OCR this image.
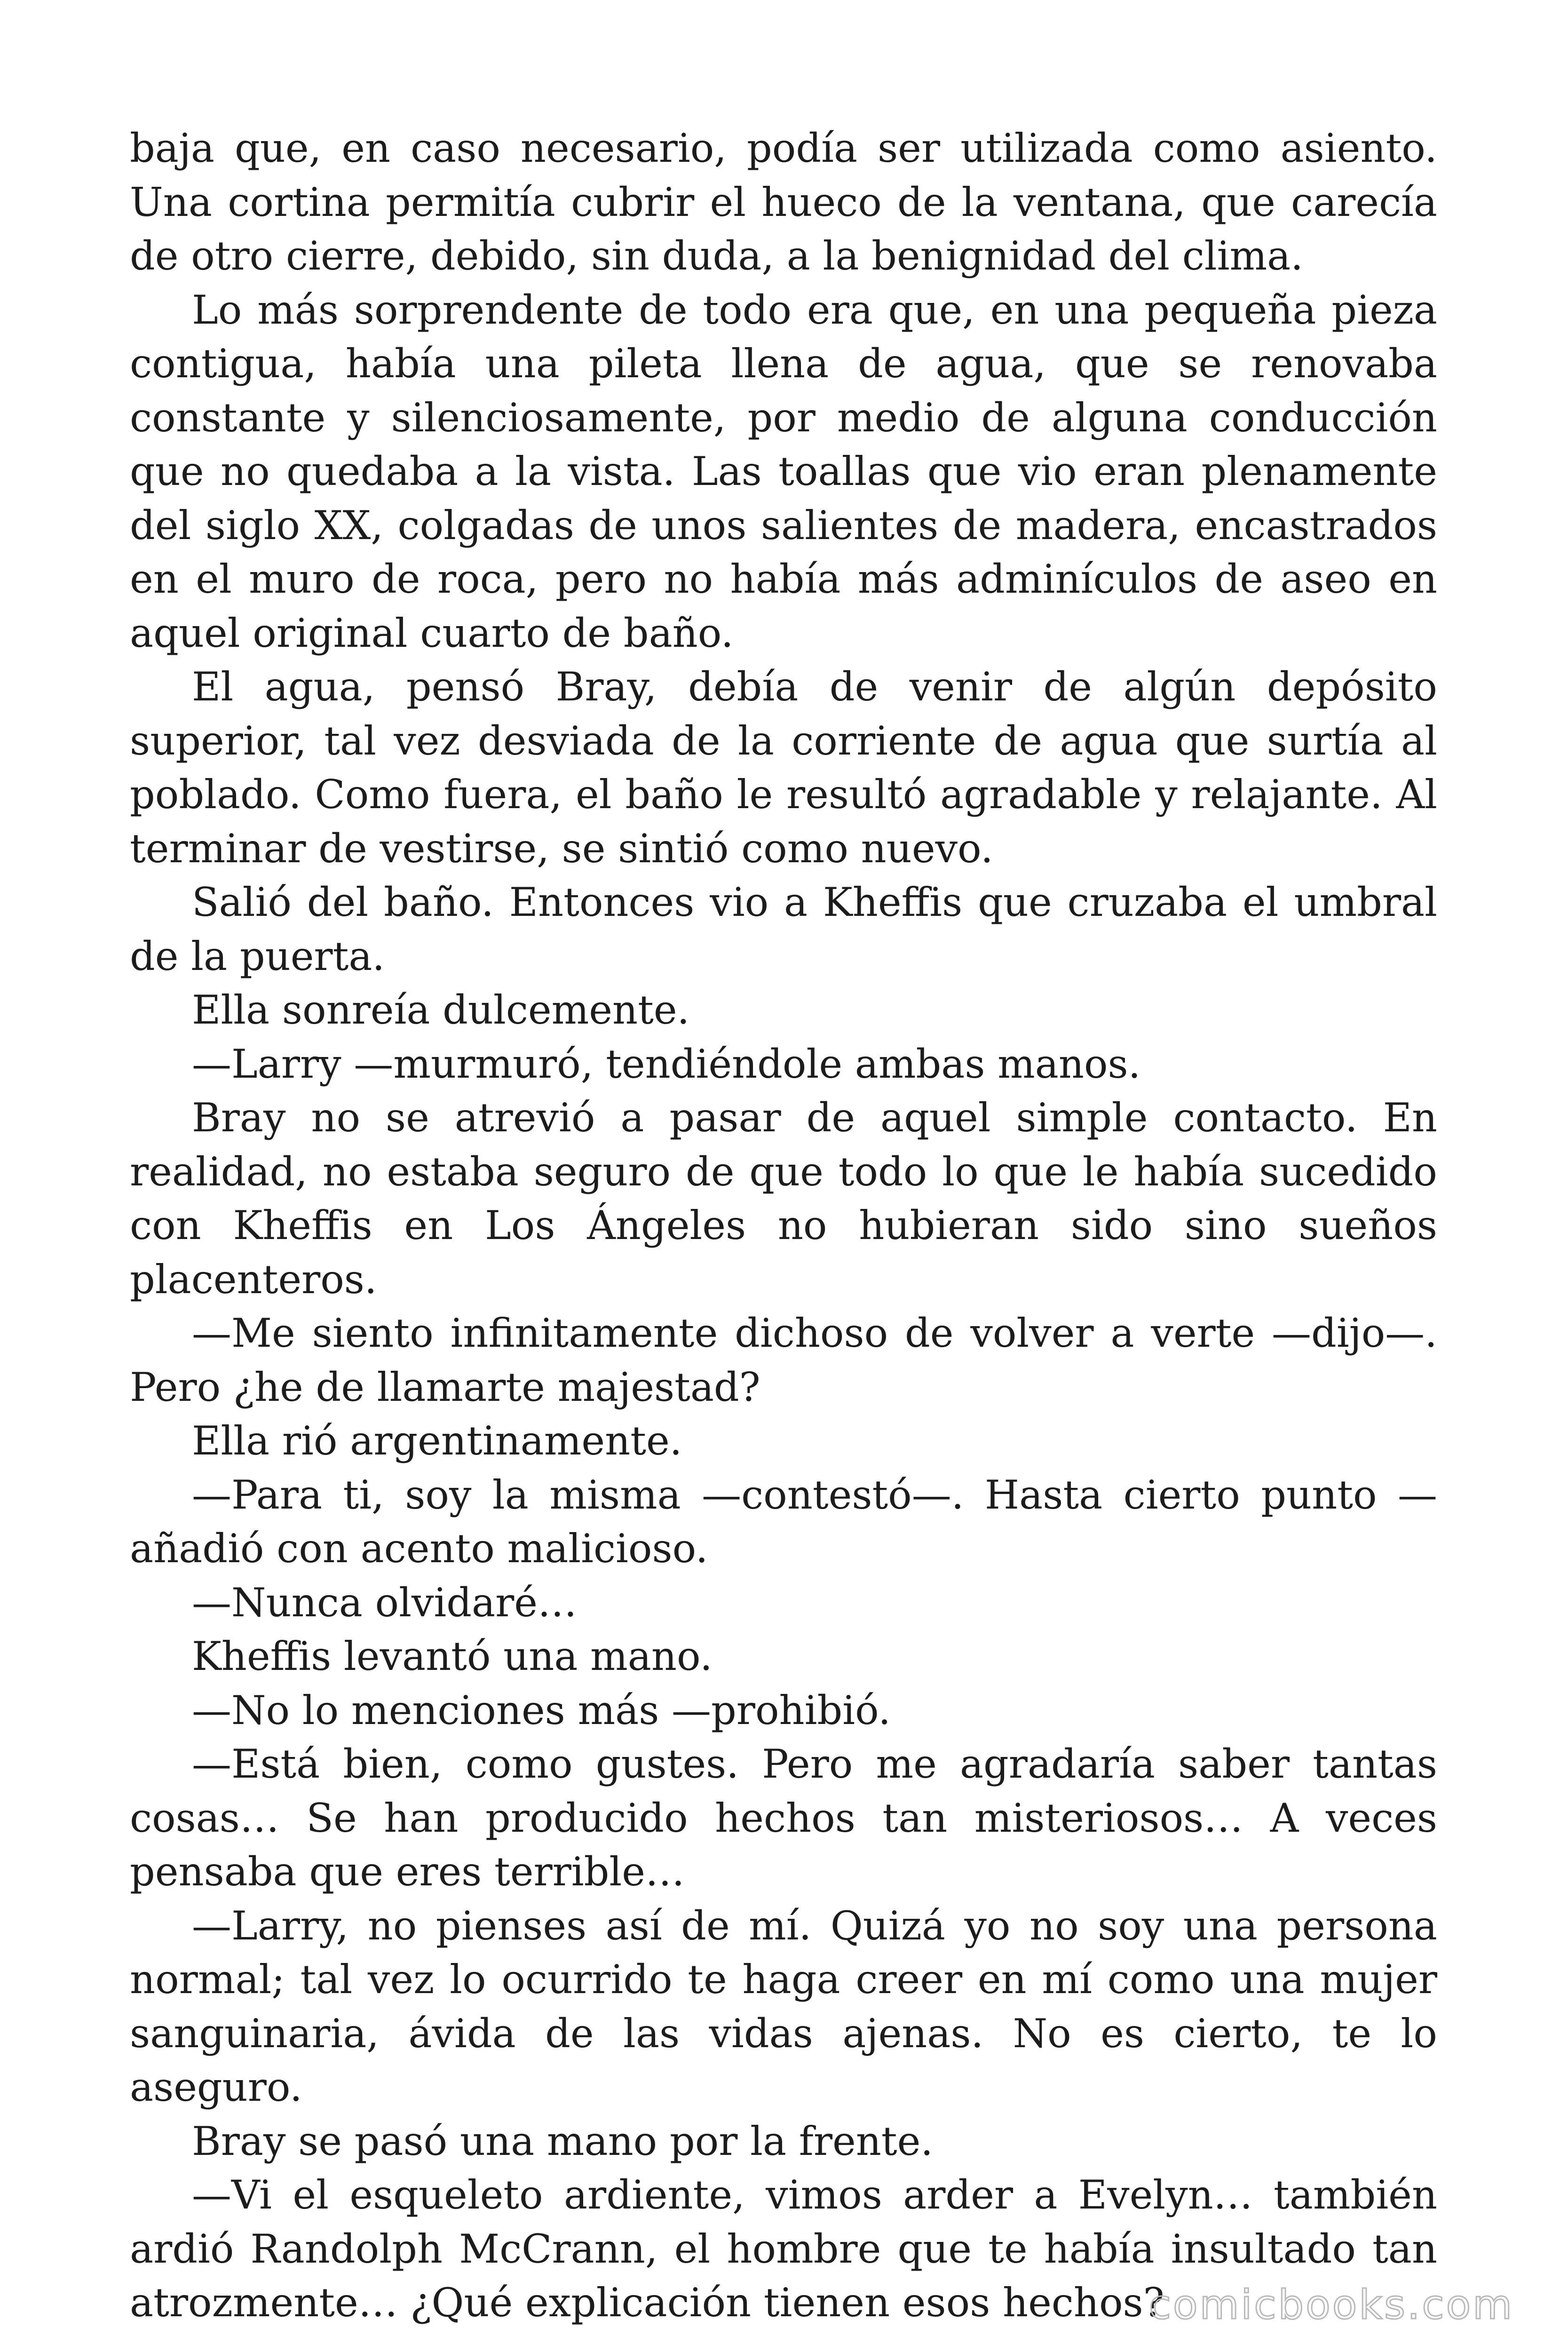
baja que, en caso necesario, podía ser utilizada como asiento. Una cortina permitía cubrir el hueco de la ventana, que carecía de otro cierre, debido, sin duda, a la benignidad del clima.

Lo más sorprendente de todo era que, en una pequeña pieza contigua, había una pileta llena de agua, que se renovaba constante y silenciosamente, por medio de alguna conducción que no quedaba a la vista. Las toallas que vio eran plenamente del siglo XX, colgadas de unos salientes de madera, encastrados en el muro de roca, pero no había más adminículos de aseo en aquel original cuarto de baño.

El agua, pensó Bray, debía de venir de algún depósito superior, tal vez desviada de la corriente de agua que surtía al poblado. Como fuera, el baño le resultó agradable y relajante. Al terminar de vestirse, se sintió como nuevo.

Salió del baño. Entonces vio a Kheffis que cruzaba el umbral de la puerta.

Ella sonreía dulcemente.

—Larry —murmuró, tendiéndole ambas manos.

Bray no se atrevió a pasar de aquel simple contacto. En realidad, no estaba seguro de que todo lo que le había sucedido con Kheffis en Los Ángeles no hubieran sido sino sueños placenteros.

—Me siento infinitamente dichoso de volver a verte —dijo—. Pero ¿he de llamarte majestad?

Ella rió argentinamente.

—Para ti, soy la misma —contestó—. Hasta cierto punto —añadió con acento malicioso.

—Nunca olvidaré…

Kheffis levantó una mano.

—No lo menciones más —prohibió.

—Está bien, como gustes. Pero me agradaría saber tantas cosas… Se han producido hechos tan misteriosos… A veces pensaba que eres terrible…

—Larry, no pienses así de mí. Quizá yo no soy una persona normal; tal vez lo ocurrido te haga creer en mí como una mujer sanguinaria, ávida de las vidas ajenas. No es cierto, te lo aseguro.

Bray se pasó una mano por la frente.

—Vi el esqueleto ardiente, vimos arder a Evelyn… también ardió Randolph McCrann, el hombre que te había insultado tan atrozmente… ¿Qué explicación tienen esos hechos?

comicbooks.com
